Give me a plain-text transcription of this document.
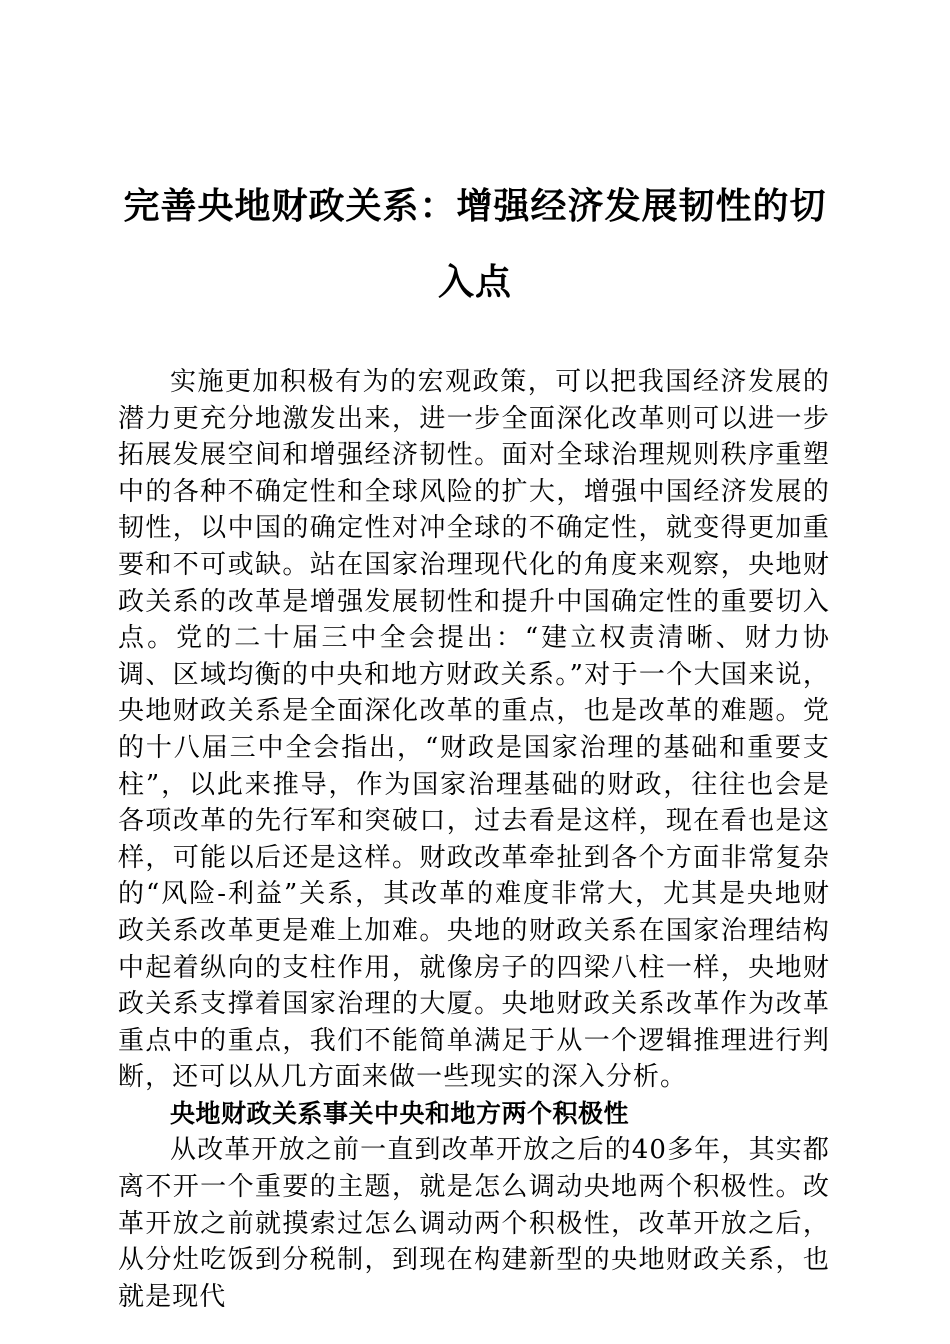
完善央地财政关系：增强经济发展韧性的切入点

实施更加积极有为的宏观政策，可以把我国经济发展的潜力更充分地激发出来，进一步全面深化改革则可以进一步拓展发展空间和增强经济韧性。面对全球治理规则秩序重塑中的各种不确定性和全球风险的扩大，增强中国经济发展的韧性，以中国的确定性对冲全球的不确定性，就变得更加重要和不可或缺。站在国家治理现代化的角度来观察，央地财政关系的改革是增强发展韧性和提升中国确定性的重要切入点。党的二十届三中全会提出：“建立权责清晰、财力协调、区域均衡的中央和地方财政关系。”对于一个大国来说，央地财政关系是全面深化改革的重点，也是改革的难题。党的十八届三中全会指出，“财政是国家治理的基础和重要支柱”，以此来推导，作为国家治理基础的财政，往往也会是各项改革的先行军和突破口，过去看是这样，现在看也是这样，可能以后还是这样。财政改革牵扯到各个方面非常复杂的“风险-利益”关系，其改革的难度非常大，尤其是央地财政关系改革更是难上加难。央地的财政关系在国家治理结构中起着纵向的支柱作用，就像房子的四梁八柱一样，央地财政关系支撑着国家治理的大厦。央地财政关系改革作为改革重点中的重点，我们不能简单满足于从一个逻辑推理进行判断，还可以从几方面来做一些现实的深入分析。

央地财政关系事关中央和地方两个积极性

从改革开放之前一直到改革开放之后的40多年，其实都离不开一个重要的主题，就是怎么调动央地两个积极性。改革开放之前就摸索过怎么调动两个积极性，改革开放之后，从分灶吃饭到分税制，到现在构建新型的央地财政关系，也就是现代
